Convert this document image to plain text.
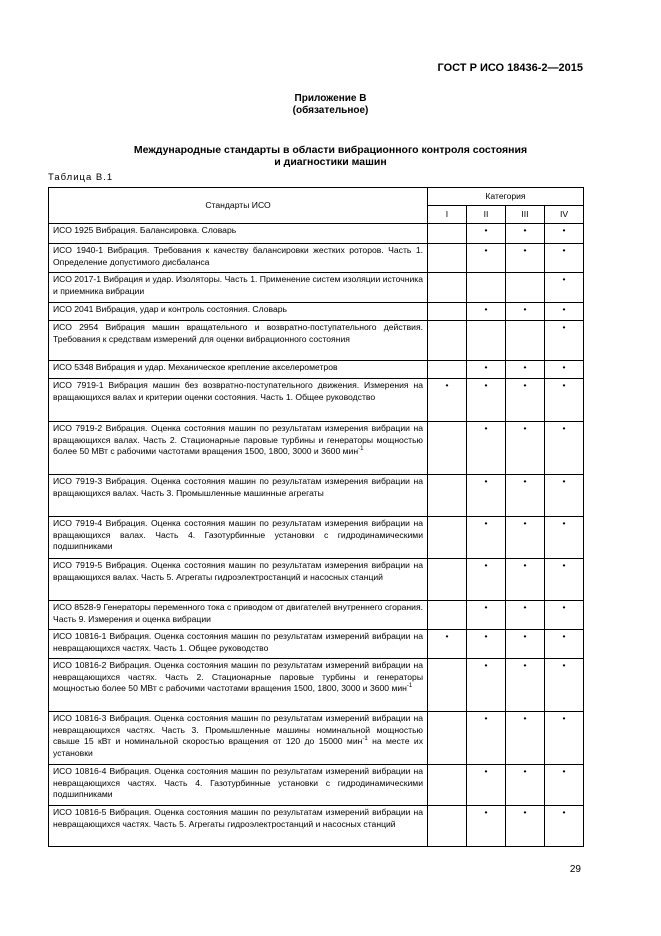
ГОСТ Р ИСО 18436-2—2015
Приложение В
(обязательное)
Международные стандарты в области вибрационного контроля состояния
и диагностики машин
Таблица В.1
Стандарты ИСО	Категория			
	I	II	III	IV
ИСО 1925 Вибрация. Балансировка. Словарь		•	•	•
ИСО 1940-1 Вибрация. Требования к качеству балансировки жестких роторов. Часть 1. Определение допустимого дисбаланса		•	•	•
ИСО 2017-1 Вибрация и удар. Изоляторы. Часть 1. Применение систем изоляции источника и приемника вибрации				•
ИСО 2041 Вибрация, удар и контроль состояния. Словарь		•	•	•
ИСО 2954 Вибрация машин вращательного и возвратно-поступательного действия. Требования к средствам измерений для оценки вибрационного состояния				•
ИСО 5348 Вибрация и удар. Механическое крепление акселерометров		•	•	•
ИСО 7919-1 Вибрация машин без возвратно-поступательного движения. Измерения на вращающихся валах и критерии оценки состояния. Часть 1. Общее руководство	•	•	•	•
ИСО 7919-2 Вибрация. Оценка состояния машин по результатам измерения вибрации на вращающихся валах. Часть 2. Стационарные паровые турбины и генераторы мощностью более 50 МВт с рабочими частотами вращения 1500, 1800, 3000 и 3600 мин$^{-1}$		•	•	•
ИСО 7919-3 Вибрация. Оценка состояния машин по результатам измерения вибрации на вращающихся валах. Часть 3. Промышленные машинные агрегаты		•	•	•
ИСО 7919-4 Вибрация. Оценка состояния машин по результатам измерения вибрации на вращающихся валах. Часть 4. Газотурбинные установки с гидродинамическими подшипниками		•	•	•
ИСО 7919-5 Вибрация. Оценка состояния машин по результатам измерения вибрации на вращающихся валах. Часть 5. Агрегаты гидроэлектростанций и насосных станций		•	•	•
ИСО 8528-9 Генераторы переменного тока с приводом от двигателей внутреннего сгорания. Часть 9. Измерения и оценка вибрации		•	•	•
ИСО 10816-1 Вибрация. Оценка состояния машин по результатам измерений вибрации на невращающихся частях. Часть 1. Общее руководство	•	•	•	•
ИСО 10816-2 Вибрация. Оценка состояния машин по результатам измерений вибрации на невращающихся частях. Часть 2. Стационарные паровые турбины и генераторы мощностью более 50 МВт с рабочими частотами вращения 1500, 1800, 3000 и 3600 мин$^{-1}$		•	•	•
ИСО 10816-3 Вибрация. Оценка состояния машин по результатам измерений вибрации на невращающихся частях. Часть 3. Промышленные машины номинальной мощностью свыше 15 кВт и номинальной скоростью вращения от 120 до 15000 мин$^{-1}$ на месте их установки		•	•	•
ИСО 10816-4 Вибрация. Оценка состояния машин по результатам измерений вибрации на невращающихся частях. Часть 4. Газотурбинные установки с гидродинамическими подшипниками		•	•	•
ИСО 10816-5 Вибрация. Оценка состояния машин по результатам измерений вибрации на невращающихся частях. Часть 5. Агрегаты гидроэлектростанций и насосных станций		•	•	•
29
